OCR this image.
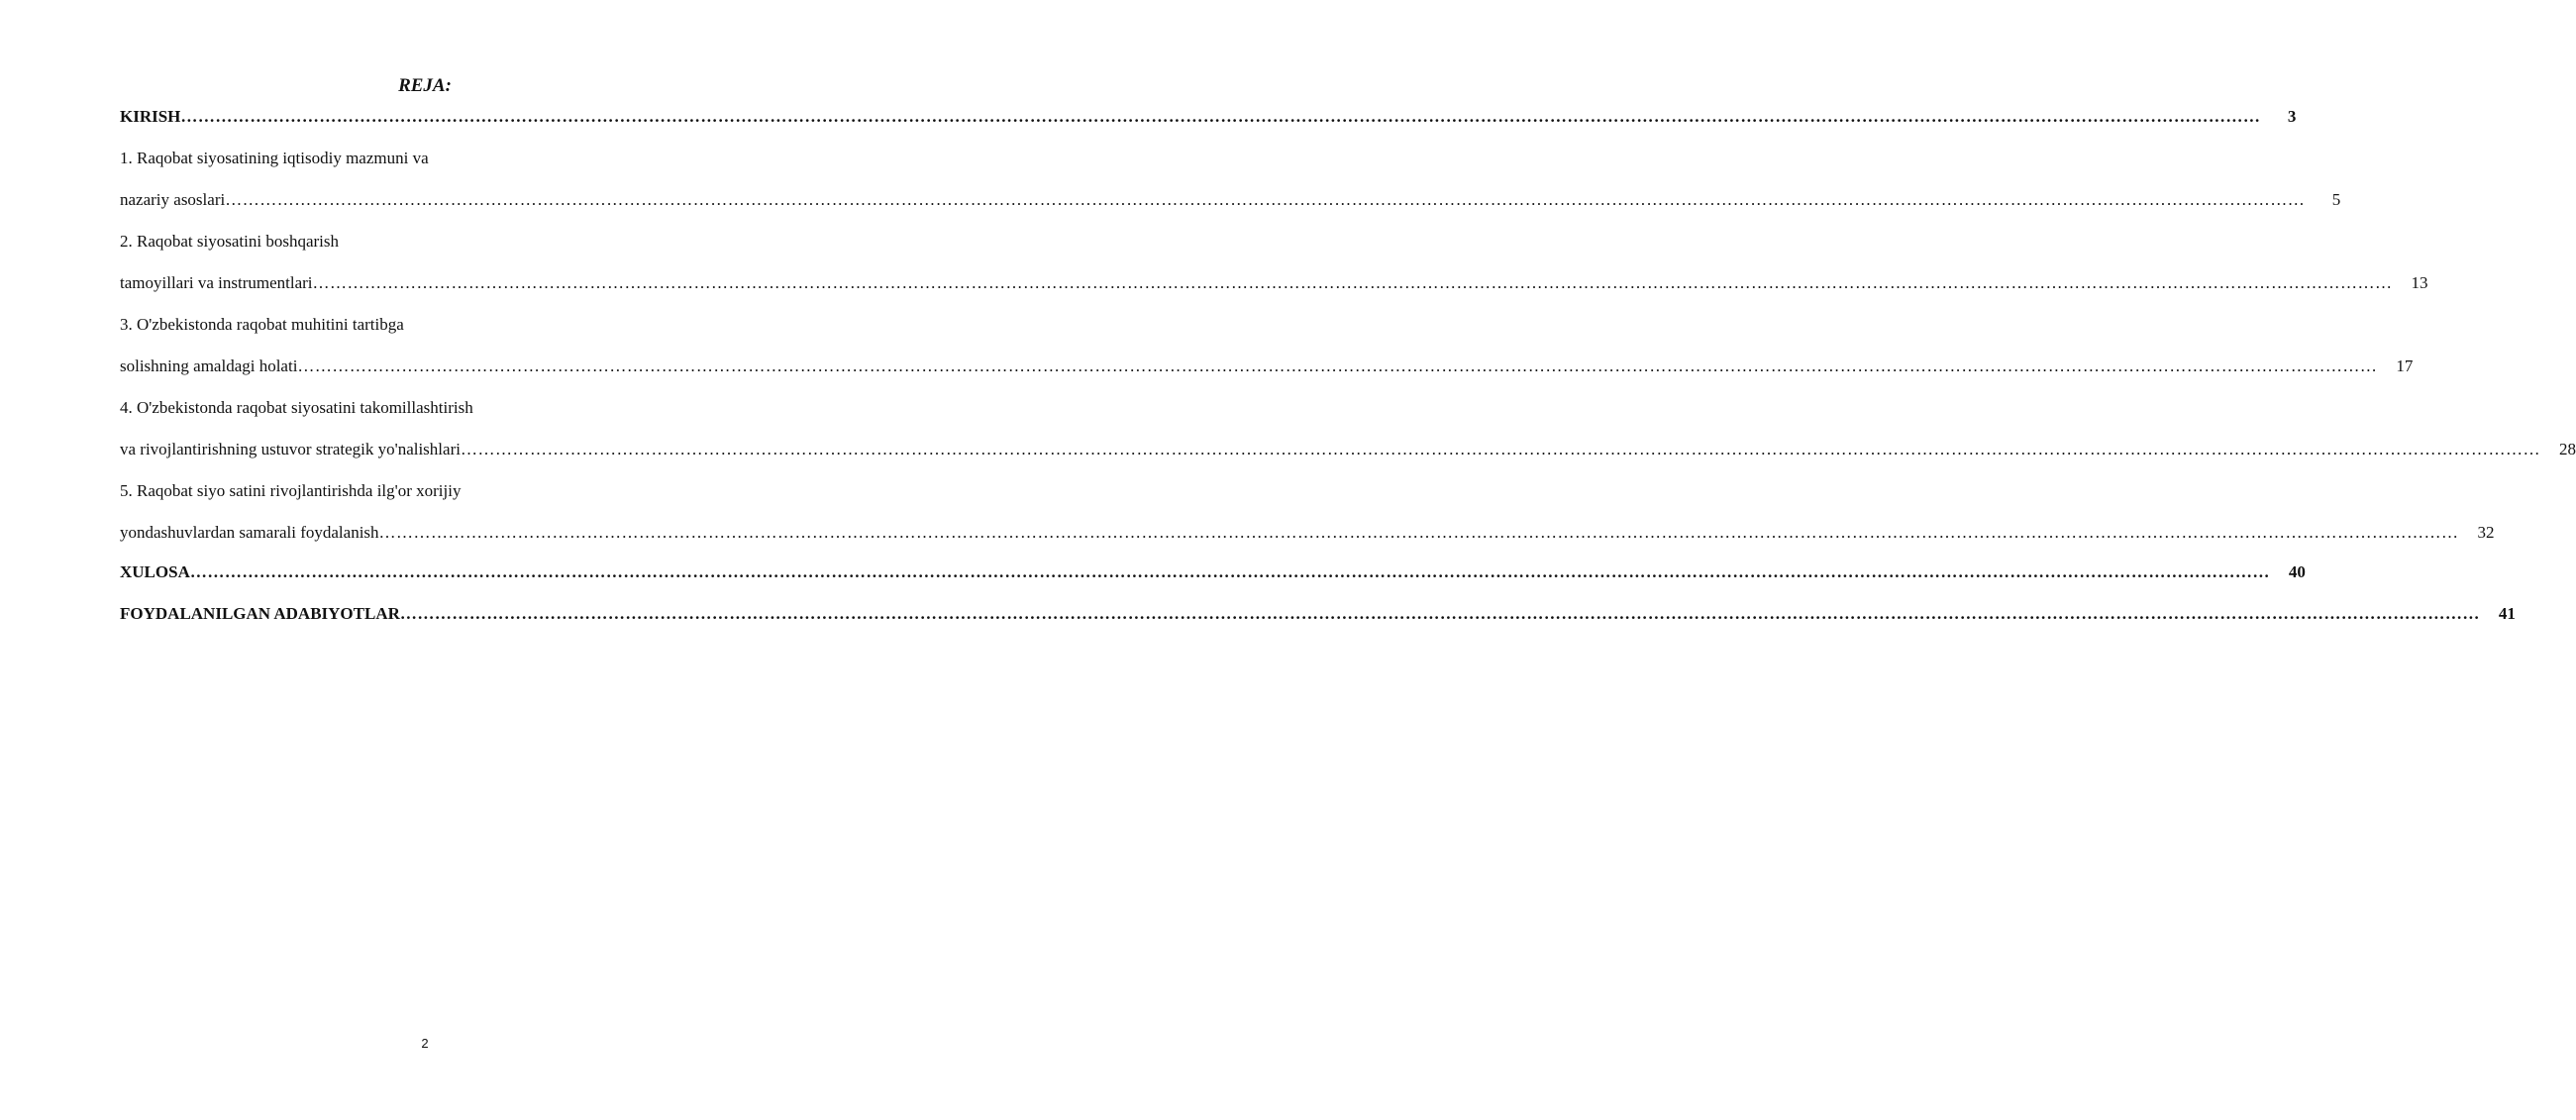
REJA:
KIRISH ………………………………………………………………………………………………………………………………………………………………………………………………………………………………………………………………………………………………………………………………	3
1. Raqobat siyosatining iqtisodiy mazmuni va
nazariy asoslari ………………………………………………………………………………………………………………………………………………………………………………………………………………………………………………………………………………………………………………………………	5
2. Raqobat siyosatini boshqarish
tamoyillari va instrumentlari ………………………………………………………………………………………………………………………………………………………………………………………………………………………………………………………………………………………………………………………………	13
3. O'zbekistonda raqobat muhitini tartibga
solishning amaldagi holati ………………………………………………………………………………………………………………………………………………………………………………………………………………………………………………………………………………………………………………………………	17
4. O'zbekistonda raqobat siyosatini takomillashtirish
va rivojlantirishning ustuvor strategik yo'nalishlari ………………………………………………………………………………………………………………………………………………………………………………………………………………………………………………………………………………………………………………………………	28
5. Raqobat siyo satini rivojlantirishda ilg'or xorijiy
yondashuvlardan samarali foydalanish ………………………………………………………………………………………………………………………………………………………………………………………………………………………………………………………………………………………………………………………………	32
XULOSA ………………………………………………………………………………………………………………………………………………………………………………………………………………………………………………………………………………………………………………………………	40
FOYDALANILGAN ADABIYOTLAR ………………………………………………………………………………………………………………………………………………………………………………………………………………………………………………………………………………………………………………………………	41
2
